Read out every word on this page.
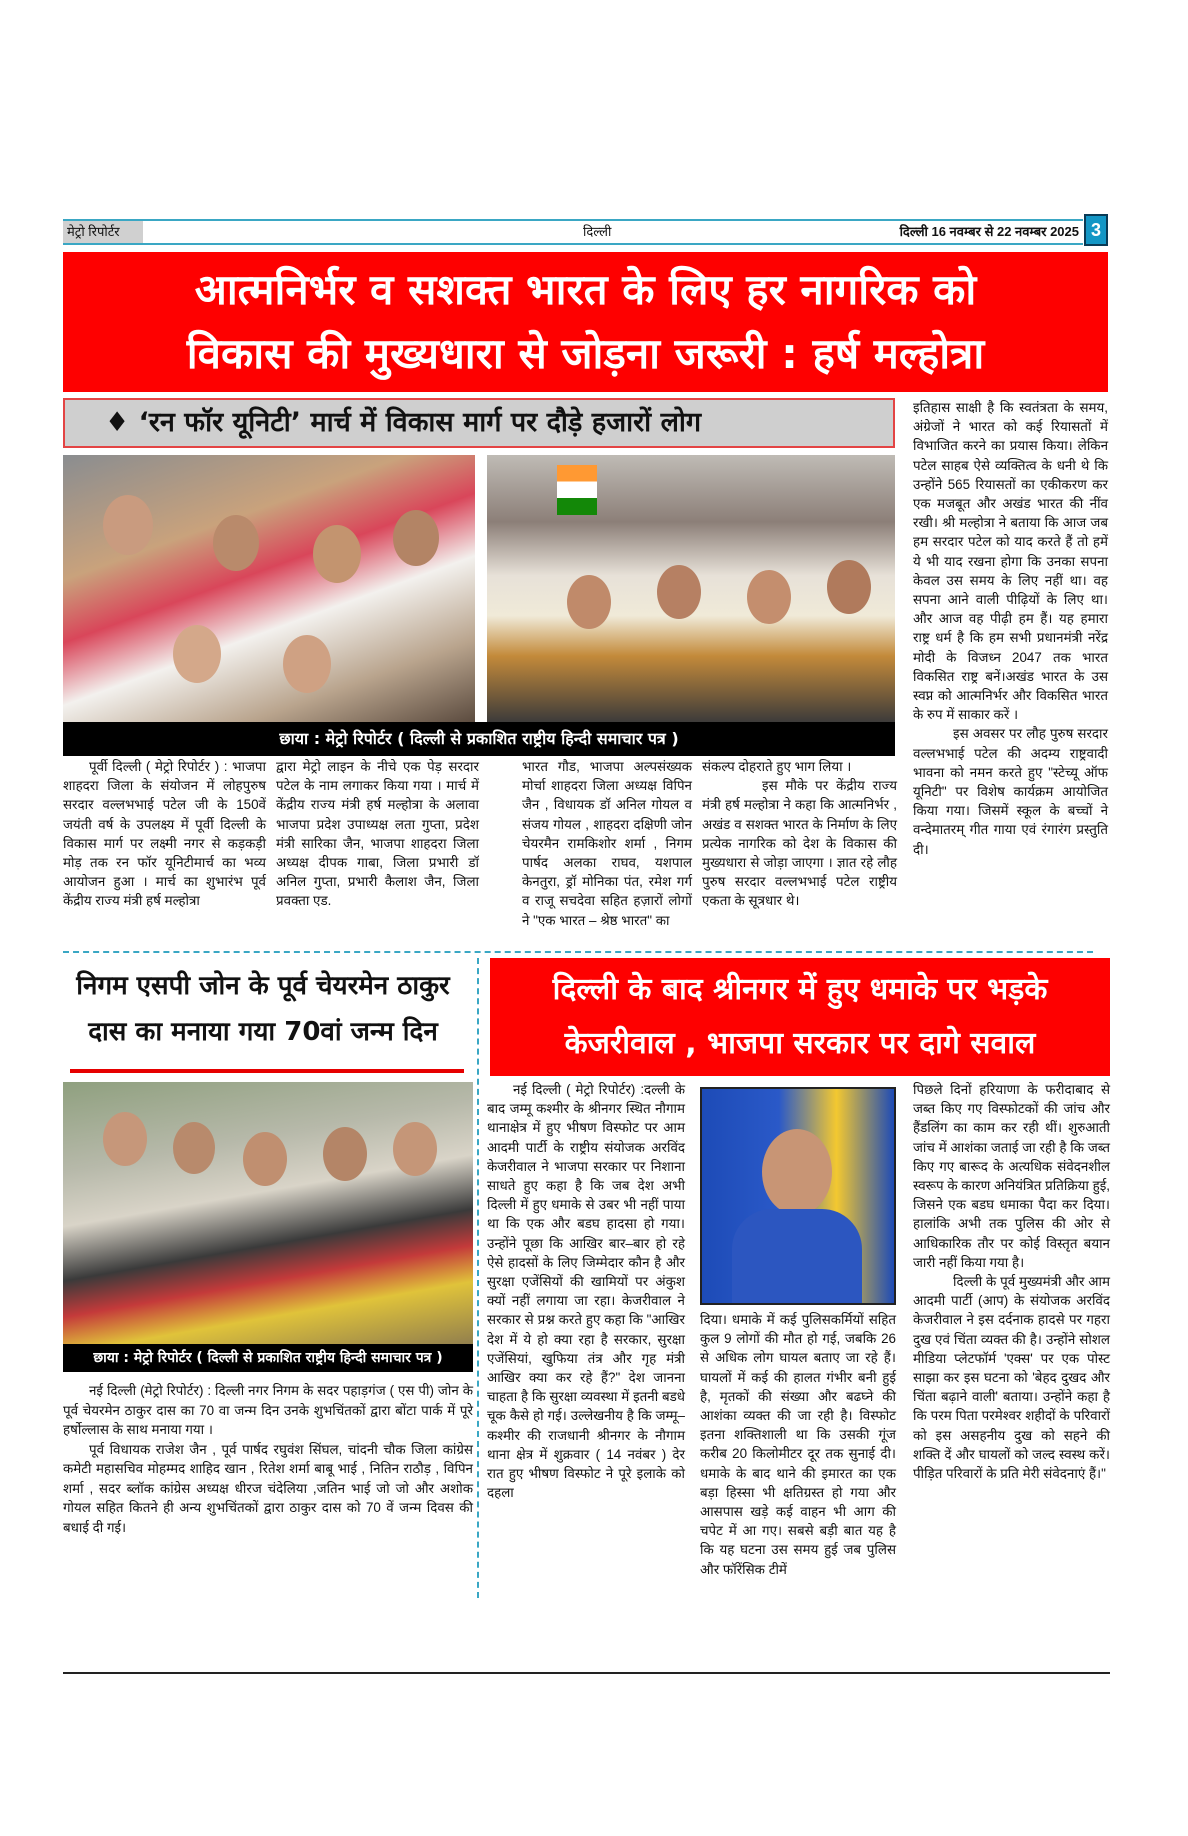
मेट्रो रिपोर्टर	दिल्ली	दिल्ली 16 नवम्बर से 22 नवम्बर 2025 3
आत्मनिर्भर व सशक्त भारत के लिए हर नागरिक को
विकास की मुख्यधारा से जोड़ना जरूरी : हर्ष मल्होत्रा
♦ ‘रन फॉर यूनिटी’ मार्च में विकास मार्ग पर दौड़े हजारों लोग
छाया : मेट्रो रिपोर्टर ( दिल्ली से प्रकाशित राष्ट्रीय हिन्दी समाचार पत्र )

पूर्वी दिल्ली ( मेट्रो रिपोर्टर ) : भाजपा शाहदरा जिला के संयोजन में लोहपुरुष सरदार वल्लभभाई पटेल जी के 150वें जयंती वर्ष के उपलक्ष्य में पूर्वी दिल्ली के विकास मार्ग पर लक्ष्मी नगर से कड़कड़ी मोड़ तक रन फॉर यूनिटीमार्च का भव्य आयोजन हुआ । मार्च का शुभारंभ पूर्व केंद्रीय राज्य मंत्री हर्ष मल्होत्रा

द्वारा मेट्रो लाइन के नीचे एक पेड़ सरदार पटेल के नाम लगाकर किया गया । मार्च में केंद्रीय राज्य मंत्री हर्ष मल्होत्रा के अलावा भाजपा प्रदेश उपाध्यक्ष लता गुप्ता, प्रदेश मंत्री सारिका जैन, भाजपा शाहदरा जिला अध्यक्ष दीपक गाबा, जिला प्रभारी डॉ अनिल गुप्ता, प्रभारी कैलाश जैन, जिला प्रवक्ता एड.

भारत गौड, भाजपा अल्पसंख्यक मोर्चा शाहदरा जिला अध्यक्ष विपिन जैन , विधायक डॉ अनिल गोयल व संजय गोयल , शाहदरा दक्षिणी जोन चेयरमैन रामकिशोर शर्मा , निगम पार्षद अलका राघव, यशपाल केनतुरा, ड्रॉ मोनिका पंत, रमेश गर्ग व राजू सचदेवा सहित हज़ारों लोगों ने "एक भारत – श्रेष्ठ भारत" का

संकल्प दोहराते हुए भाग लिया ।

इस मौके पर केंद्रीय राज्य मंत्री हर्ष मल्होत्रा ने कहा कि आत्मनिर्भर , अखंड व सशक्त भारत के निर्माण के लिए प्रत्येक नागरिक को देश के विकास की मुख्यधारा से जोड़ा जाएगा । ज्ञात रहे लौह पुरुष सरदार वल्लभभाई पटेल राष्ट्रीय एकता के सूत्रधार थे।

इतिहास साक्षी है कि स्वतंत्रता के समय, अंग्रेजों ने भारत को कई रियासतों में विभाजित करने का प्रयास किया। लेकिन पटेल साहब ऐसे व्यक्तित्व के धनी थे कि उन्होंने 565 रियासतों का एकीकरण कर एक मजबूत और अखंड भारत की नींव रखी। श्री मल्होत्रा ने बताया कि आज जब हम सरदार पटेल को याद करते हैं तो हमें ये भी याद रखना होगा कि उनका सपना केवल उस समय के लिए नहीं था। वह सपना आने वाली पीढ़ियों के लिए था। और आज वह पीढ़ी हम हैं। यह हमारा राष्ट्र धर्म है कि हम सभी प्रधानमंत्री नरेंद्र मोदी के विजध्न 2047 तक भारत विकसित राष्ट्र बनें।अखंड भारत के उस स्वप्न को आत्मनिर्भर और विकसित भारत के रुप में साकार करें ।

इस अवसर पर लौह पुरुष सरदार वल्लभभाई पटेल की अदम्य राष्ट्रवादी भावना को नमन करते हुए "स्टेच्यू ऑफ यूनिटी" पर विशेष कार्यक्रम आयोजित किया गया। जिसमें स्कूल के बच्चों ने वन्देमातरम् गीत गाया एवं रंगारंग प्रस्तुति दी।

निगम एसपी जोन के पूर्व चेयरमेन ठाकुर
दास का मनाया गया 70वां जन्म दिन
छाया : मेट्रो रिपोर्टर ( दिल्ली से प्रकाशित राष्ट्रीय हिन्दी समाचार पत्र )

नई दिल्ली (मेट्रो रिपोर्टर) : दिल्ली नगर निगम के सदर पहाड़गंज ( एस पी) जोन के पूर्व चेयरमेन ठाकुर दास का 70 वा जन्म दिन उनके शुभचिंतकों द्वारा बोंटा पार्क में पूरे हर्षोल्लास के साथ मनाया गया ।

पूर्व विधायक राजेश जैन , पूर्व पार्षद रघुवंश सिंघल, चांदनी चौक जिला कांग्रेस कमेटी महासचिव मोहम्मद शाहिद खान , रितेश शर्मा बाबू भाई , नितिन राठौड़ , विपिन शर्मा , सदर ब्लॉक कांग्रेस अध्यक्ष धीरज चंदेलिया ,जतिन भाई जो जो और अशोक गोयल सहित कितने ही अन्य शुभचिंतकों द्वारा ठाकुर दास को 70 वें जन्म दिवस की बधाई दी गई।

दिल्ली के बाद श्रीनगर में हुए धमाके पर भड़के
केजरीवाल , भाजपा सरकार पर दागे सवाल

नई दिल्ली ( मेट्रो रिपोर्टर) :दल्ली के बाद जम्मू कश्मीर के श्रीनगर स्थित नौगाम थानाक्षेत्र में हुए भीषण विस्फोट पर आम आदमी पार्टी के राष्ट्रीय संयोजक अरविंद केजरीवाल ने भाजपा सरकार पर निशाना साधते हुए कहा है कि जब देश अभी दिल्ली में हुए धमाके से उबर भी नहीं पाया था कि एक और बडघ हादसा हो गया। उन्होंने पूछा कि आखिर बार–बार हो रहे ऐसे हादसों के लिए जिम्मेदार कौन है और सुरक्षा एजेंसियों की खामियों पर अंकुश क्यों नहीं लगाया जा रहा। केजरीवाल ने सरकार से प्रश्न करते हुए कहा कि "आखिर देश में ये हो क्या रहा है सरकार, सुरक्षा एजेंसियां, खुफिया तंत्र और गृह मंत्री आखिर क्या कर रहे हैं?" देश जानना चाहता है कि सुरक्षा व्यवस्था में इतनी बडधे चूक कैसे हो गई। उल्लेखनीय है कि जम्मू–कश्मीर की राजधानी श्रीनगर के नौगाम थाना क्षेत्र में शुक्रवार ( 14 नवंबर ) देर रात हुए भीषण विस्फोट ने पूरे इलाके को दहला

दिया। धमाके में कई पुलिसकर्मियों सहित कुल 9 लोगों की मौत हो गई, जबकि 26 से अधिक लोग घायल बताए जा रहे हैं। घायलों में कई की हालत गंभीर बनी हुई है, मृतकों की संख्या और बढघ्ने की आशंका व्यक्त की जा रही है। विस्फोट इतना शक्तिशाली था कि उसकी गूंज करीब 20 किलोमीटर दूर तक सुनाई दी। धमाके के बाद थाने की इमारत का एक बड़ा हिस्सा भी क्षतिग्रस्त हो गया और आसपास खड़े कई वाहन भी आग की चपेट में आ गए। सबसे बड़ी बात यह है कि यह घटना उस समय हुई जब पुलिस और फॉरेंसिक टीमें

पिछले दिनों हरियाणा के फरीदाबाद से जब्त किए गए विस्फोटकों की जांच और हैंडलिंग का काम कर रही थीं। शुरुआती जांच में आशंका जताई जा रही है कि जब्त किए गए बारूद के अत्यधिक संवेदनशील स्वरूप के कारण अनियंत्रित प्रतिक्रिया हुई, जिसने एक बडघ धमाका पैदा कर दिया। हालांकि अभी तक पुलिस की ओर से आधिकारिक तौर पर कोई विस्तृत बयान जारी नहीं किया गया है।

दिल्ली के पूर्व मुख्यमंत्री और आम आदमी पार्टी (आप) के संयोजक अरविंद केजरीवाल ने इस दर्दनाक हादसे पर गहरा दुख एवं चिंता व्यक्त की है। उन्होंने सोशल मीडिया प्लेटफॉर्म 'एक्स' पर एक पोस्ट साझा कर इस घटना को 'बेहद दुखद और चिंता बढ़ाने वाली' बताया। उन्होंने कहा है कि परम पिता परमेश्वर शहीदों के परिवारों को इस असहनीय दुख को सहने की शक्ति दें और घायलों को जल्द स्वस्थ करें। पीड़ित परिवारों के प्रति मेरी संवेदनाएं हैं।"
